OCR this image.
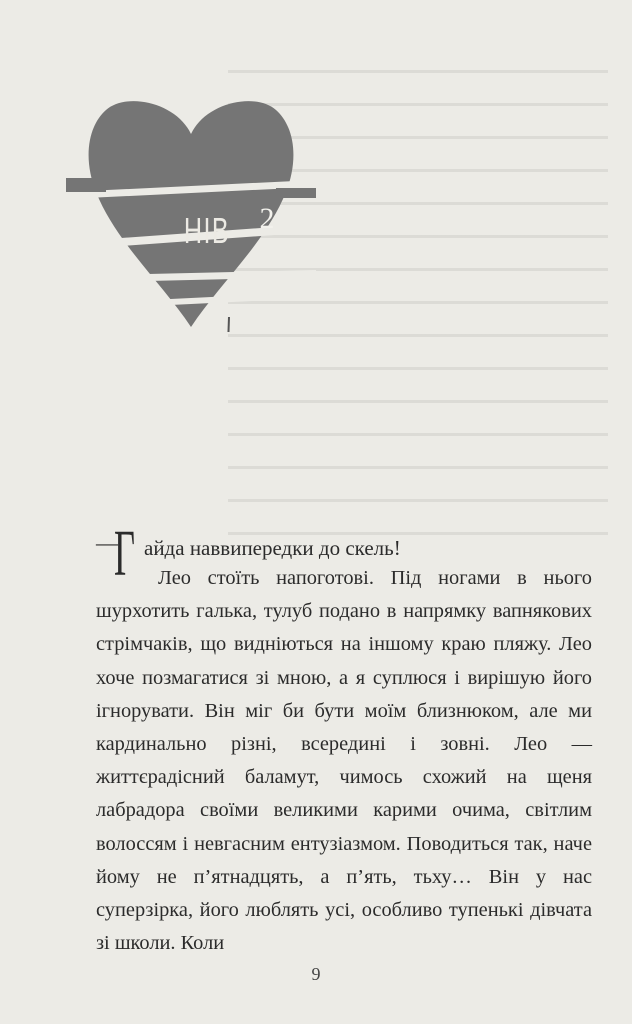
2
НІВ
—
Г айда наввипередки до скель!
Лео стоїть напоготові. Під ногами в нього шурхотить галька, тулуб подано в напрямку вапнякових стрімчаків, що видніються на іншому краю пляжу. Лео хоче позмагатися зі мною, а я суплюся і вирішую його ігнорувати. Він міг би бути моїм близнюком, але ми кардинально різні, всередині і зовні. Лео — життєрадісний баламут, чимось схожий на щеня лабрадора своїми великими карими очима, світлим волоссям і невгасним ентузіазмом. Поводиться так, наче йому не п’ятнадцять, а п’ять, тьху… Він у нас суперзірка, його люблять усі, особливо тупенькі дівчата зі школи. Коли
9
